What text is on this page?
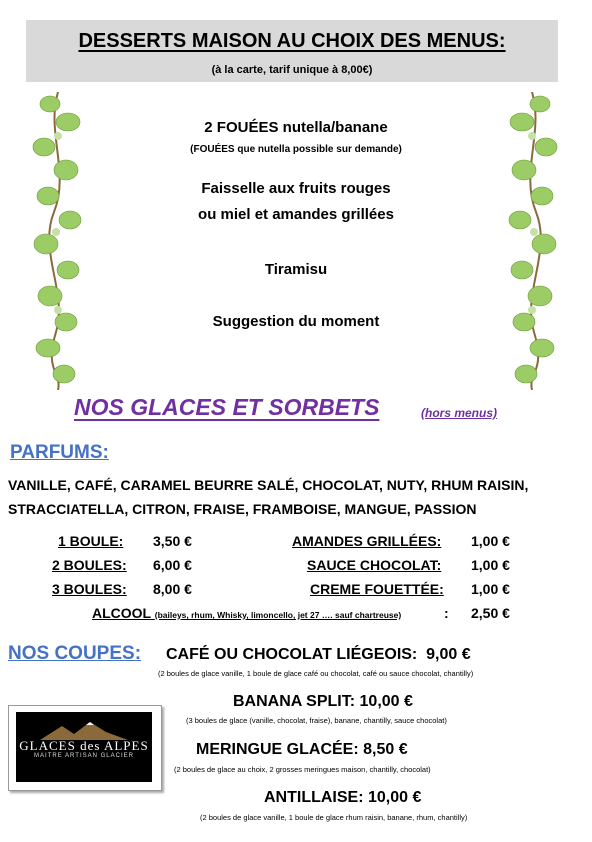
DESSERTS MAISON AU CHOIX DES MENUS:
(à la carte, tarif unique à 8,00€)
2 FOUÉES nutella/banane
(FOUÉES que nutella possible sur demande)
Faisselle aux fruits rouges
ou miel et amandes grillées
Tiramisu
Suggestion du moment
NOS GLACES ET SORBETS	(hors menus)
PARFUMS:
VANILLE, CAFÉ, CARAMEL BEURRE SALÉ, CHOCOLAT, NUTY, RHUM RAISIN,
STRACCIATELLA, CITRON, FRAISE, FRAMBOISE, MANGUE, PASSION
1 BOULE: 3,50 €
2 BOULES: 6,00 €
3 BOULES: 8,00 €
AMANDES GRILLÉES: 1,00 €
SAUCE CHOCOLAT: 1,00 €
CREME FOUETTÉE: 1,00 €
ALCOOL (baileys, rhum, Whisky, limoncello, jet 27 …. sauf chartreuse)	: 2,50 €
NOS COUPES: CAFÉ OU CHOCOLAT LIÉGEOIS: 9,00 €
(2 boules de glace vanille, 1 boule de glace café ou chocolat, café ou sauce chocolat, chantilly)
BANANA SPLIT: 10,00 €
(3 boules de glace (vanille, chocolat, fraise), banane, chantilly, sauce chocolat)
MERINGUE GLACÉE: 8,50 €
(2 boules de glace au choix, 2 grosses meringues maison, chantilly, chocolat)
ANTILLAISE: 10,00 €
(2 boules de glace vanille, 1 boule de glace rhum raisin, banane, rhum, chantilly)
GLACES des ALPES
MAITRE ARTISAN GLACIER
